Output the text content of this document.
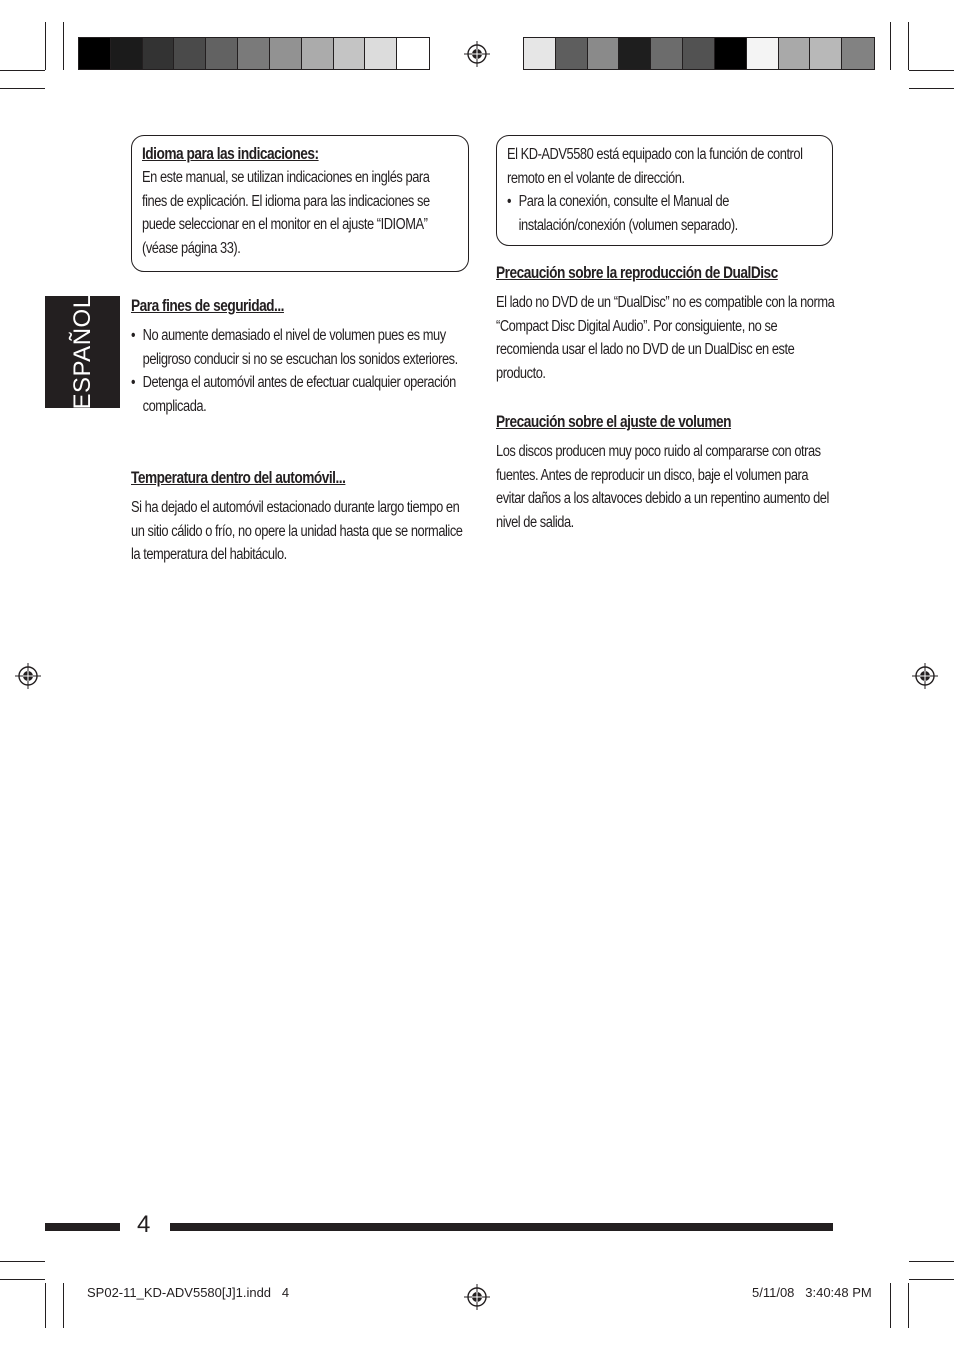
ESPAÑOL
Idioma para las indicaciones:
En este manual, se utilizan indicaciones en inglés para fines de explicación. El idioma para las indicaciones se puede seleccionar en el monitor en el ajuste “IDIOMA” (véase página 33).
Para fines de seguridad...
• No aumente demasiado el nivel de volumen pues es muy peligroso conducir si no se escuchan los sonidos exteriores.
• Detenga el automóvil antes de efectuar cualquier operación complicada.
Temperatura dentro del automóvil...
Si ha dejado el automóvil estacionado durante largo tiempo en un sitio cálido o frío, no opere la unidad hasta que se normalice la temperatura del habitáculo.
El KD-ADV5580 está equipado con la función de control remoto en el volante de dirección.
• Para la conexión, consulte el Manual de instalación/conexión (volumen separado).
Precaución sobre la reproducción de DualDisc
El lado no DVD de un “DualDisc” no es compatible con la norma “Compact Disc Digital Audio”. Por consiguiente, no se recomienda usar el lado no DVD de un DualDisc en este producto.
Precaución sobre el ajuste de volumen
Los discos producen muy poco ruido al compararse con otras fuentes. Antes de reproducir un disco, baje el volumen para evitar daños a los altavoces debido a un repentino aumento del nivel de salida.
4
SP02-11_KD-ADV5580[J]1.indd   4	5/11/08   3:40:48 PM
